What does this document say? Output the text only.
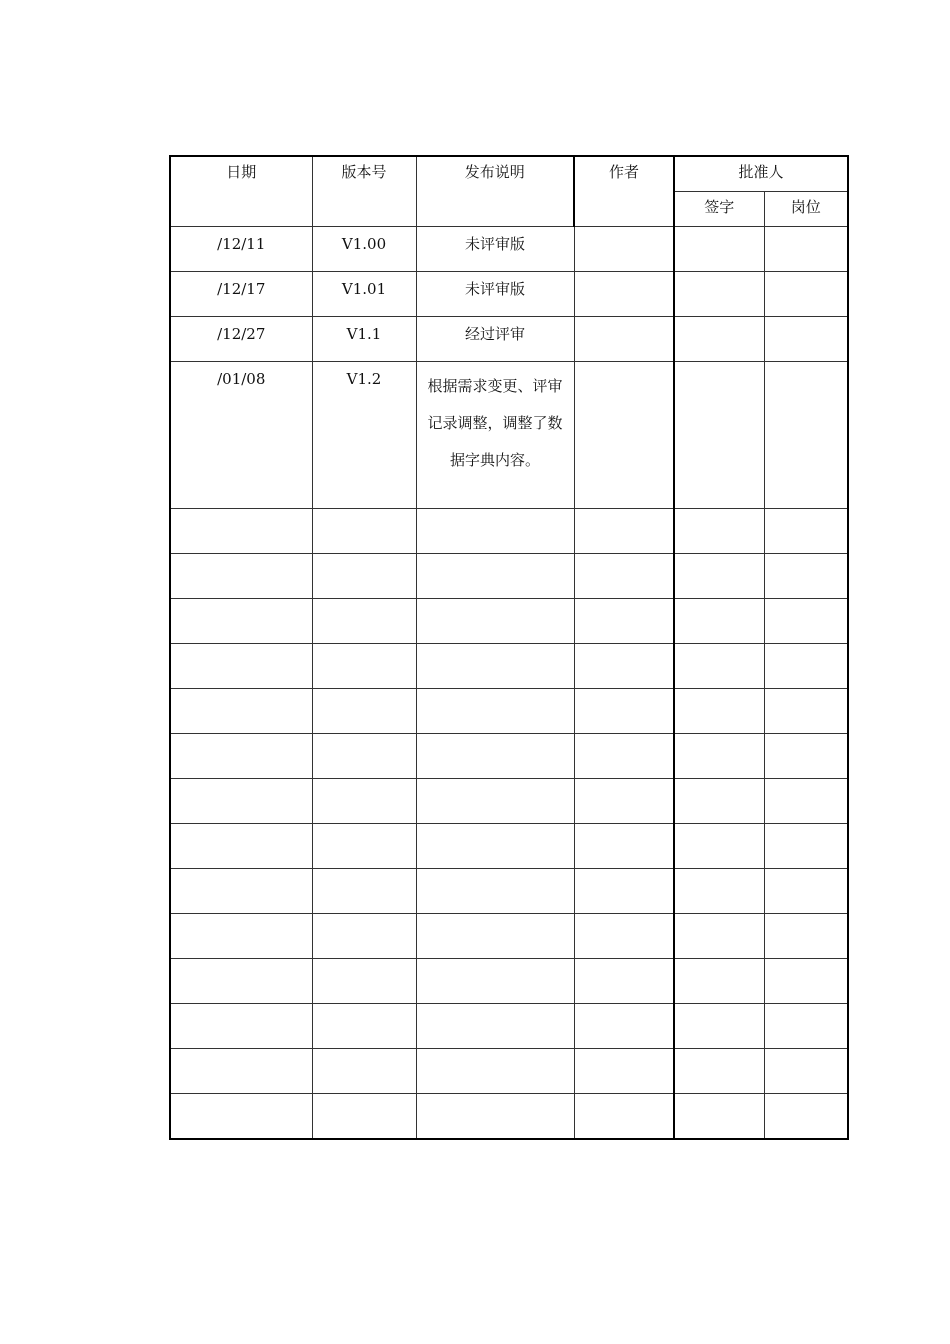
日期	版本号	发布说明	作者	批准人	

				签字	岗位

/12/11	V1.00	未评审版			

/12/17	V1.01	未评审版			

/12/27	V1.1	经过评审			

/01/08	V1.2	根据需求变更、评审记录调整，调整了数据字典内容。			
